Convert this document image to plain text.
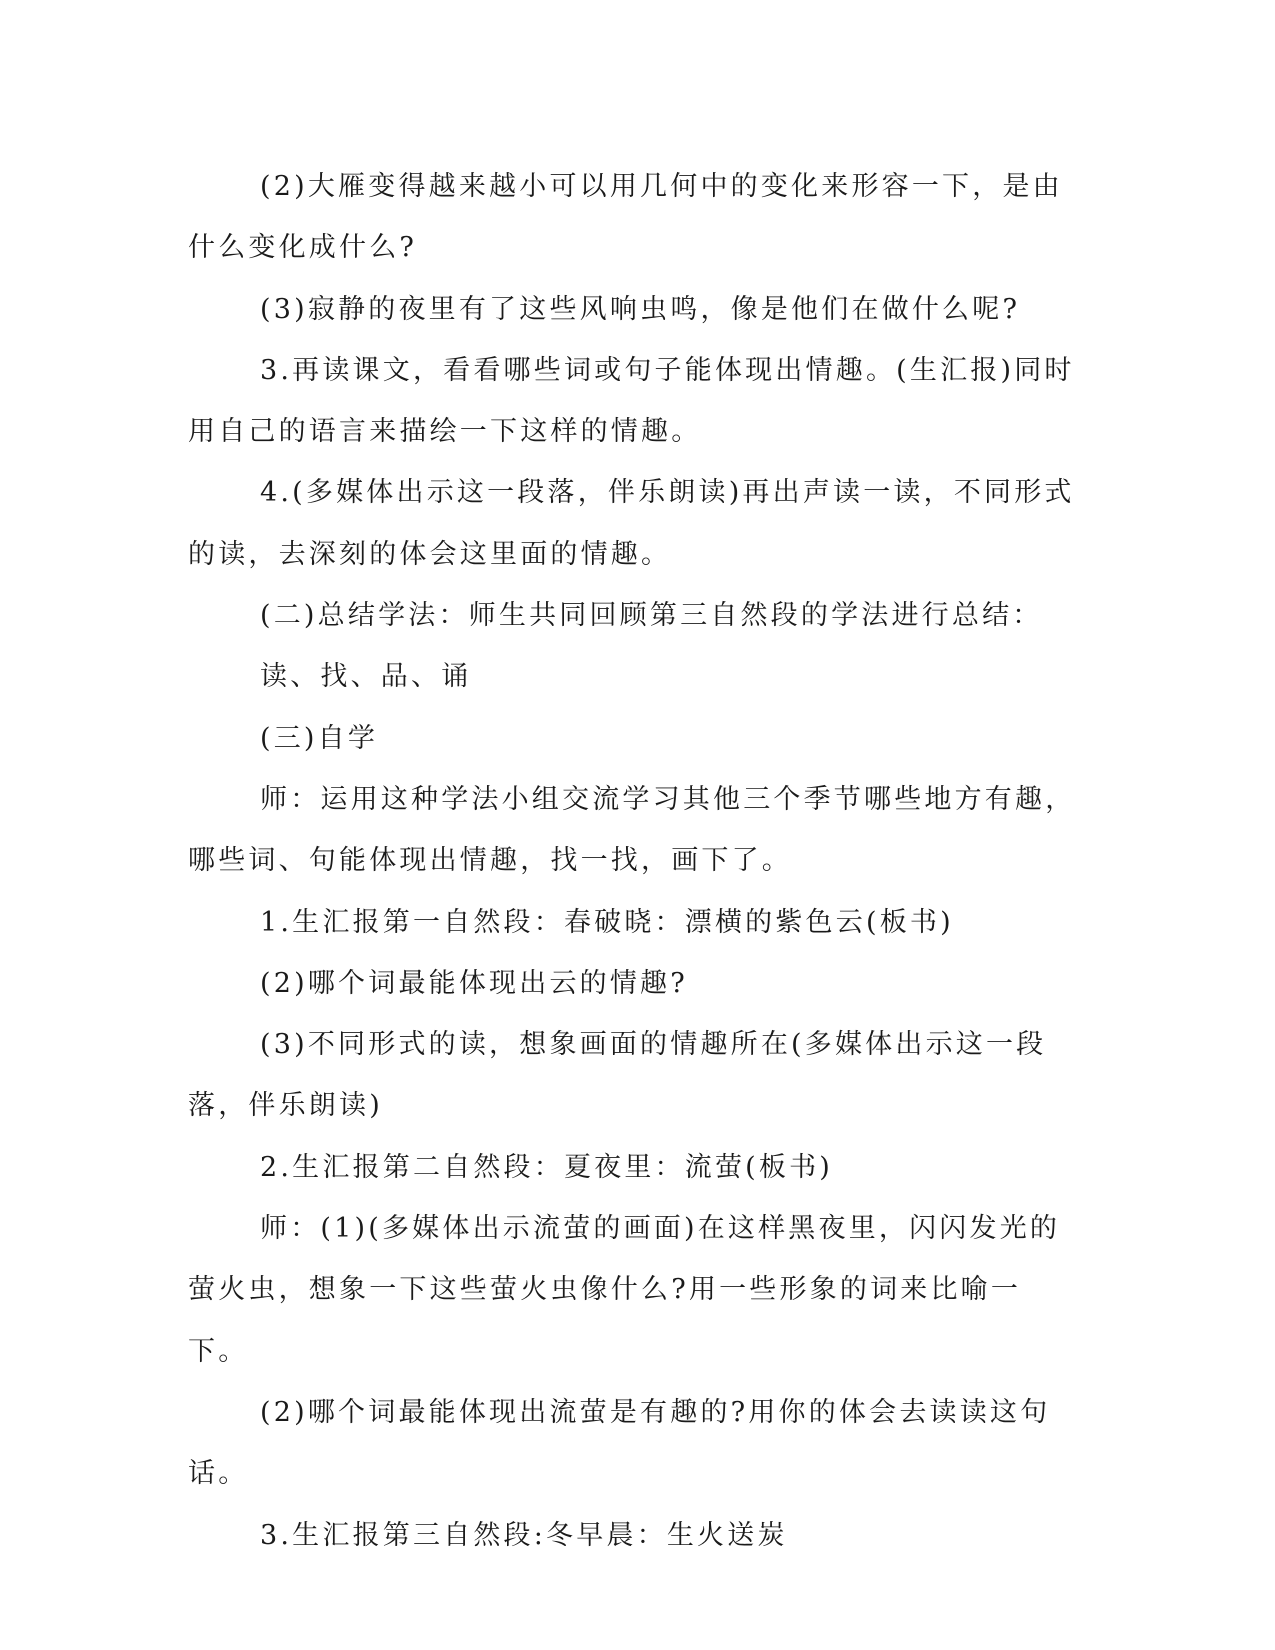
(2)大雁变得越来越小可以用几何中的变化来形容一下，是由什么变化成什么?

(3)寂静的夜里有了这些风响虫鸣，像是他们在做什么呢?

3.再读课文，看看哪些词或句子能体现出情趣。(生汇报)同时用自己的语言来描绘一下这样的情趣。

4.(多媒体出示这一段落，伴乐朗读)再出声读一读，不同形式的读，去深刻的体会这里面的情趣。

(二)总结学法：师生共同回顾第三自然段的学法进行总结：

读、找、品、诵

(三)自学

师：运用这种学法小组交流学习其他三个季节哪些地方有趣，哪些词、句能体现出情趣，找一找，画下了。

1.生汇报第一自然段：春破晓：漂横的紫色云(板书)

(2)哪个词最能体现出云的情趣?

(3)不同形式的读，想象画面的情趣所在(多媒体出示这一段落，伴乐朗读)

2.生汇报第二自然段：夏夜里：流萤(板书)

师：(1)(多媒体出示流萤的画面)在这样黑夜里，闪闪发光的萤火虫，想象一下这些萤火虫像什么?用一些形象的词来比喻一下。

(2)哪个词最能体现出流萤是有趣的?用你的体会去读读这句话。

3.生汇报第三自然段:冬早晨：生火送炭
